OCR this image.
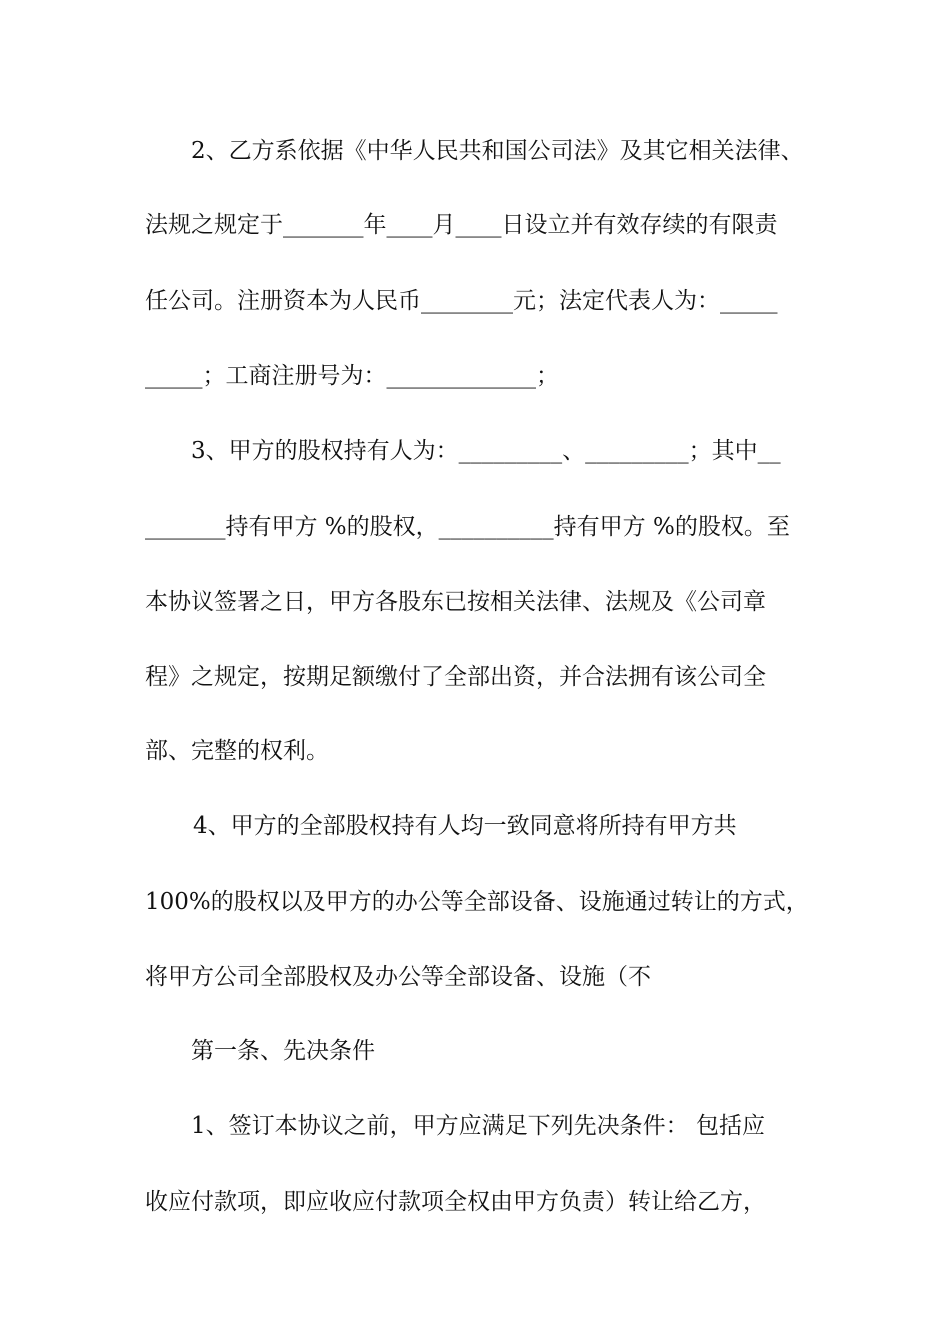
2、乙方系依据《中华人民共和国公司法》及其它相关法律、
法规之规定于_______年____月____日设立并有效存续的有限责
任公司。注册资本为人民币________元；法定代表人为：_____
_____；工商注册号为：_____________；
3、甲方的股权持有人为：_________、_________；其中__
_______持有甲方 %的股权，__________持有甲方 %的股权。至
本协议签署之日，甲方各股东已按相关法律、法规及《公司章
程》之规定，按期足额缴付了全部出资，并合法拥有该公司全
部、完整的权利。
4、甲方的全部股权持有人均一致同意将所持有甲方共
100%的股权以及甲方的办公等全部设备、设施通过转让的方式，
将甲方公司全部股权及办公等全部设备、设施（不
第一条、先决条件
1、签订本协议之前，甲方应满足下列先决条件： 包括应
收应付款项，即应收应付款项全权由甲方负责）转让给乙方，
